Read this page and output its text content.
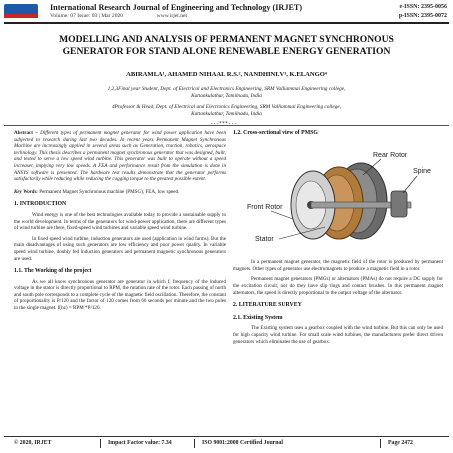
International Research Journal of Engineering and Technology (IRJET)
Volume: 07 Issue: 03 | Mar 2020	www.irjet.net
e-ISSN: 2395-0056
p-ISSN: 2395-0072
MODELLING AND ANALYSIS OF PERMANENT MAGNET SYNCHRONOUS
GENERATOR FOR STAND ALONE RENEWABLE ENERGY GENERATION
ABIRAMI.A¹, AHAMED NIHAAL R.S.², NANDHINI.V³, K.ELANGO⁴
1,2,3Final year Student, Dept. of Electrical and Electronics Engineering, SRM Valliammai Engineering college,
Kattankulathur, Tamilnadu, India
4Professor & Head, Dept. of Electrical and Electronics Engineering, SRM Valliammai Engineering college,
Kattankulathur, Tamilnadu, India
---***---
Abstract – Different types of permanent magnet generator for wind power application have been subjected to research during last two decades. In recent years Permanent Magnet Synchronous Machine are increasingly applied in several areas such as Generation, traction, robotics, aerospace technology. This thesis describes a permanent magnet synchronous generator that was designed, built, and tested to serve a low speed wind turbine. This generator was built to operate without a speed increaser, implying very low speeds. A FEA and performance result from the simulation is done in ANSYS software is presented. The hardware test results demonstrate that the generator performs satisfactorily while reducing while reducing the cogging torque to the greatest possible extent.
Key Words: Permanent Magnet Synchronous machine (PMSG), FEA, low speed.
1. INTRODUCTION

Wind energy is one of the best technologies available today to provide a sustainable supply to the world development. In terms of the generators for wind-power application, there are different types of wind turbine are there, fixed-speed wind turbines and variable speed wind turbine.

In fixed speed wind turbine, induction generators are used (application in wind farms). But the main disadvantages of using such generators are low efficiency and poor power quality. In variable speed wind turbine, doubly fed induction generators and permanent magnetic synchronous generators are used.

1.1. The Working of the project

As we all know synchronous generator are generator in which f, frequency of the induced voltage in the stator is directly proportional to RPM, the rotation rate of the rotor. Each passing of north and south pole corresponds to a complete cycle of the magnetic field oscillation. Therefore, the constant of proportionality is P/120 and the factor of 120 comes from 60 seconds per minute and the two poles in the single magnet. f(hz) = RPM *P/120.

1.2. Cross-sectional view of PMSG
Rear Rotor
Spine
Front Rotor
Stator

In a permanent magnet generator, the magnetic field of the rotor is produced by permanent magnets. Other types of generator use electromagnets to produce a magnetic field in a rotor.

Permanent magnet generators (PMGs) or alternators (PMAs) do not require a DC supply for the excitation circuit, nor do they have slip rings and contact brushes. In this permanent magnet alternators, the speed is directly proportional to the output voltage of the alternator.

2. LITERATURE SURVEY
2.1. Existing System

The Existing system uses a gearbox coupled with the wind turbine. But this can only be used for high capacity wind turbine. For small scale wind turbines, the manufacturers prefer direct driven generators which eliminates the use of gearbox.

© 2020, IRJET	Impact Factor value: 7.34	ISO 9001:2008 Certified Journal	Page 2472
